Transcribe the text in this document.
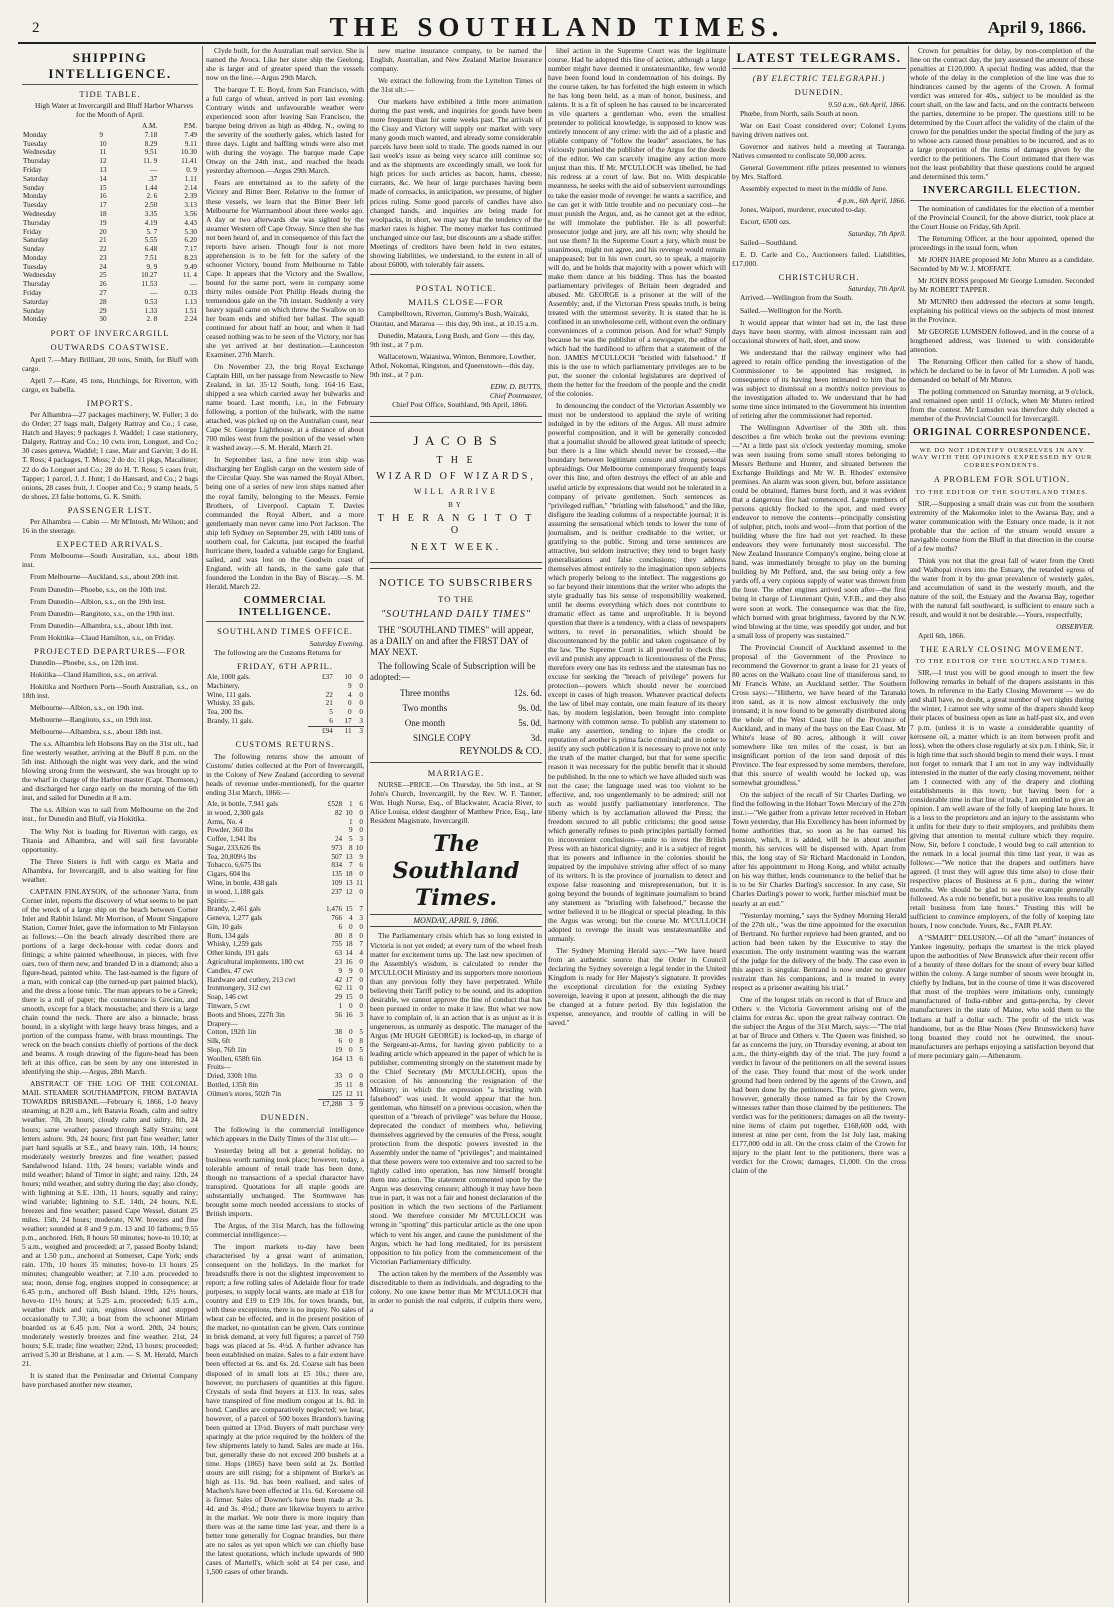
2	THE SOUTHLAND TIMES.	April 9, 1866.
SHIPPING INTELLIGENCE.
TIDE TABLE.

High Water at Invercargill and Bluff Harbor Wharves for the Month of April.

		A.M.	P.M.
Monday	9	7.18	7.49
Tuesday	10	8.29	9.11
Wednesday	11	9.51	10.30
Thursday	12	11. 9	11.41
Friday	13	—	0. 9
Saturday	14	.37	1.11
Sunday	15	1.44	2.14
Monday	16	2. 6	2.39
Tuesday	17	2.50	3.13
Wednesday	18	3.35	3.56
Thursday	19	4.19	4.43
Friday	20	5. 7	5.30
Saturday	21	5.55	6.20
Sunday	22	6.48	7.17
Monday	23	7.51	8.23
Tuesday	24	9. 9	9.49
Wednesday	25	10.27	11. 4
Thursday	26	11.53	—
Friday	27	—	0.33
Saturday	28	0.53	1.13
Sunday	29	1.33	1.51
Monday	30	2. 8	2.24
PORT OF INVERCARGILL
OUTWARDS COASTWISE.

April 7.—Mary Brilliant, 20 tons, Smith, for Bluff with cargo.

April 7.—Kate, 45 tons, Hutchings, for Riverton, with cargo, ex Isabella.

IMPORTS.

Per Alhambra—27 packages machinery, W. Fuller; 3 do do Order; 27 bags malt, Dalgety Rattray and Co.; 1 case, Hatch and Hayes; 9 packages J. Waddel; 1 case stationery, Dalgety, Rattray and Co.; 10 cwts iron, Longuet, and Co.; 30 cases geneva, Waddel; 1 case, Mair and Garvin; 3 do H. T. Ross; 4 packages, T. Moss; 2 do do; 11 pkgs, Macalister; 22 do do Longuet and Co.; 28 do H. T. Ross; 5 cases fruit, Tapper; 1 parcel, J. J. Hunt; 1 do Hansard, and Co.; 2 bags onions, 28 cases fruit, J. Cooper and Co.; 9 stamp heads, 5 do shoes, 23 false bottoms, G. K. Smith.

PASSENGER LIST.

Per Alhambra — Cabin — Mr M'Intosh, Mr Wilson; and 16 in the steerage.

EXPECTED ARRIVALS.

From Melbourne—South Australian, s.s., about 18th inst.

From Melbourne—Auckland, s.s., about 20th inst.

From Dunedin—Phoebe, s.s., on the 10th inst.

From Dunedin—Albion, s.s., on the 19th inst.

From Dunedin—Rangitoto, s.s., on the 19th inst.

From Dunedin—Alhambra, s.s., about 18th inst.

From Hokitika—Claud Hamilton, s.s., on Friday.

PROJECTED DEPARTURES—FOR

Dunedin—Phoebe, s.s., on 12th inst.

Hokitika—Claud Hamilton, s.s., on arrival.

Hokitika and Northern Ports—South Australian, s.s., on 18th inst.

Melbourne—Albion, s.s., on 19th inst.

Melbourne—Rangitoto, s.s., on 19th inst.

Melbourne—Alhambra, s.s., about 18th inst.

The s.s. Alhambra left Hobsons Bay on the 31st ult., had fine westerly weather, arriving at the Bluff 8 p.m. on the 5th inst. Although the night was very dark, and the wind blowing strong from the westward, she was brought up to the wharf in charge of the Harbor master (Capt. Thomson,) and discharged her cargo early on the morning of the 6th inst, and sailed for Dunedin at 8 a.m.

The s.s. Albion was to sail from Melbourne on the 2nd inst., for Dunedin and Bluff, via Hokitika.

The Why Not is loading for Riverton with cargo, ex Titania and Alhambra, and will sail first favorable opportunity.

The Three Sisters is full with cargo ex Maria and Alhambra, for Invercargill, and is also waiting for fine weather.

CAPTAIN FINLAYSON, of the schooner Yarra, from Corner inlet, reports the discovery of what seems to be part of the wreck of a large ship on the beach between Corner Inlet and Rabbit Island. Mr Morrison, of Mount Singapore Station, Corner Inlet, gave the information to Mr Finlayson as follows:—On the beach already described there are portions of a large deck-house with cedar doors and fittings; a white painted wheelhouse, in pieces, with five oars, two of them new, and branded D in a diamond; also a figure-head, painted white. The last-named is the figure of a man, with conical cap (the turned-up part painted black), and the dress a loose tunic. The man appears to be a Greek; there is a roll of paper; the countenance is Grecian, and smooth, except for a black moustache; and there is a large chain round the neck. There are also a binnacle, brass bound, in a skylight with large heavy brass hinges, and a portion of the compass frame, with brass mountings. The wreck on the beach consists chiefly of portions of the deck and beams. A rough drawing of the figure-head has been left at this office, can be seen by any one interested in identifying the ship.—Argus, 28th March.

ABSTRACT OF THE LOG OF THE COLONIAL MAIL STEAMER SOUTHAMPTON, FROM BATAVIA TOWARDS BRISBANE.—February 6, 1866, 1-0 heavy steaming; at 8.20 a.m., left Batavia Roads, calm and sultry weather. 7th, 2h hours; cloudy calm and sultry. 8th, 24 hours; same weather; passed through Sally Straits; sent letters ashore. 9th, 24 hours; first part fine weather; latter part hard squalls at S.E., and heavy rain. 10th, 14 hours; moderately westerly breezes and fine weather; passed Sandalwood Island. 11th, 24 hours; variable winds and mild weather; Island of Timor in sight; and rainy. 12th, 24 hours; mild weather, and sultry during the day; also cloudy, with lightning at S.E. 13th, 11 hours, squally and rainy; wind variable; lightning to S.E. 14th, 24 hours, N.E. breezes and fine weather; passed Cape Wessel, distant 25 miles. 15th, 24 hours; moderate, N.W. breezes and fine weather; sounded at 8 and 9 p.m. 13 and 10 fathoms; 9.55 p.m., anchored. 16th, 8 hours 50 minutes; hove-to 10.10; at 5 a.m., weighed and proceeded; at 7, passed Booby Island; and at 1.50 p.m., anchored at Somerset, Cape York; ends rain. 17th, 10 hours 35 minutes; hove-to 13 hours 25 minutes; changeable weather; at 7.10 a.m. proceeded to sea; noon, dense fog, engines stopped in consequence; at 6.45 p.m., anchored off Bush Island. 19th, 12½ hours, hove-to 11½ hours; at 5.25 a.m. proceeded; 6.15 a.m., weather thick and rain, engines slowed and stopped occasionally to 7.30; a boat from the schooner Miriam boarded us at 6.45 p.m. Not a word. 20th, 24 hours; moderately westerly breezes and fine weather. 21st, 24 hours; S.E. trade; fine weather; 22nd, 13 hours; proceeded; arrived 5.30 at Brisbane, at 1 a.m. — S. M. Herald, March 21.

It is stated that the Peninsular and Oriental Company have purchased another new steamer,

Clyde built, for the Australian mail service. She is named the Avoca. Like her sister ship the Geelong, she is larger and of greater speed than the vessels now on the line.—Argus 29th March.

The barque T. E. Boyd, from San Francisco, with a full cargo of wheat, arrived in port last evening. Contrary winds and unfavourable weather were experienced soon after leaving San Francisco, the barque being driven as high as 40deg. N., owing to the severity of the southerly gales, which lasted for three days. Light and baffling winds were also met with during the voyage. The barque made Cape Otway on the 24th inst., and reached the heads yesterday afternoon.—Argus 29th March.

Fears are entertained as to the safety of the Victory and Bitter Beer. Relative to the former of these vessels, we learn that the Bitter Beer left Melbourne for Warrnambool about three weeks ago. A day or two afterwards she was sighted by the steamer Western off Cape Otway. Since then she has not been heard of, and in consequence of this fact the reports have arisen. Though four is not more apprehension is to be felt for the safety of the schooner Victory, bound from Melbourne to Table Cape. It appears that the Victory and the Swallow, bound for the same port, were in company some thirty miles outside Port Phillip Heads during the tremendous gale on the 7th instant. Suddenly a very heavy squall came on which threw the Swallow on to her beam ends and shifted her ballast. The squall continued for about half an hour, and when it had ceased nothing was to be seen of the Victory, nor has she yet arrived at her destination.—Launceston Examiner, 27th March.

On November 23, the brig Royal Exchange Captain Hill, on her passage from Newcastle to New Zealand, in lat. 35·12 South, long. 164·16 East, shipped a sea which carried away her bulwarks and name board. Last month, i.e., in the February following, a portion of the bulwark, with the name attached, was picked up on the Australian coast, near Cape St. George Lighthouse, at a distance of about 700 miles west from the position of the vessel when it washed away.—S. M. Herald, March 21.

In September last, a fine new iron ship was discharging her English cargo on the western side of the Circular Quay. She was named the Royal Albert, being one of a series of new iron ships named after the royal family, belonging to the Messrs. Fernie Brothers, of Liverpool. Captain T. Davies commanded the Royal Albert, and a more gentlemanly man never came into Port Jackson. The ship left Sydney on September 29, with 1400 tons of southern coal, for Calcutta, just escaped the fearful hurricane there, loaded a valuable cargo for England, sailed, and was lost on the Goodwin coast of England, with all hands, in the same gale that foundered the London in the Bay of Biscay.—S. M. Herald, March 22.

COMMERCIAL INTELLIGENCE.
SOUTHLAND TIMES OFFICE.
Saturday Evening.

The following are the Customs Returns for

FRIDAY, 6TH APRIL.
Ale, 1000 gals.	£37	10	0
Machinery,		9	0
Wine, 111 gals.	22	4	0
Whisky, 33 gals.	21	0	0
Tea, 200 lbs.	5	0	0
Brandy, 11 gals.	6	17	3
	£94	11	3
CUSTOMS RETURNS.

The following returns show the amount of Customs' duties collected at the Port of Invercargill, in the Colony of New Zealand (according to several heads of revenue under-mentioned), for the quarter ending 31st March, 1866:—

Ale, in bottle, 7,941 gals	£528	1	6
in wood, 2,300 gals	82	10	0
Arms, No. 4		1	0
Powder, 360 lbs		9	0
Coffee, 1,941 lbs	24	5	3
Sugar, 233,626 lbs	973	8	10
Tea, 20,809½ lbs	507	13	9
Tobacco, 6,675 lbs	834	7	6
Cigars, 604 lbs	135	18	0
Wine, in bottle, 438 gals	109	13	11
in wood, 1,188 gals	237	12	0
Spirits:—			
Brandy, 2,461 gals	1,476	15	7
Geneva, 1,277 gals	766	4	3
Gin, 10 gals	6	0	0
Rum, 134 gals	80	8	0
Whisky, 1,259 gals	755	18	7
Other kinds, 191 gals	63	14	4
Agricultural implements, 180 cwt	23	16	0
Candles, 47 cwt	9	9	0
Hardware and cutlery, 213 cwt	42	17	0
Ironmongery, 312 cwt	62	11	0
Soap, 146 cwt	29	15	0
Tinware, 5 cwt	1	0	0
Boots and Shoes, 227ft 3in	56	16	3
Drapery—			
Cotton, 192ft 1in	38	0	5
Silk, 6ft	6	0	8
Slop, 76ft 1in	19	0	5
Woollen, 658ft 6in	164	13	6
Fruits—			
Dried, 330ft 10in	33	0	0
Bottled, 135ft 8in	35	11	8
Oilmen's stores, 502ft 7in	125	12	11
	£7,288	3	9
DUNEDIN.

The following is the commercial intelligence which appears in the Daily Times of the 31st ult:—

Yesterday being all but a general holiday, no business worth naming took place; however, today, a tolerable amount of retail trade has been done, though no transactions of a special character have transpired. Quotations for all staple goods are substantially unchanged. The Stormwave has brought some much needed accessions to stocks of British imports.

The Argus, of the 31st March, has the following commercial intelligence:—

The import markets to-day have been characterised by a great want of animation, consequent on the holidays. In the market for breadstuffs there is not the slightest improvement to report; a few rolling sales of Adelaide flour for trade purposes, to supply local wants, are made at £18 for country and £19 to £19 10s. for town brands, but, with these exceptions, there is no inquiry. No sales of wheat can be effected, and in the present position of the market, no quotation can be given. Oats continue in brisk demand, at very full figures; a parcel of 750 bags was placed at 5s. 4½d. A further advance has been established on maize. Sales to a fair extent have been effected at 6s. and 6s. 2d. Coarse salt has been disposed of in small lots at £5 10s.; there are, however, no purchasers of quantities at this figure. Crystals of soda find buyers at £13. In teas, sales have transpired of fine medium congou at 1s. 8d. in bond. Candles are comparatively neglected; we hear, however, of a parcel of 500 boxes Brandon's having been quitted at 13½d. Buyers of malt purchase very sparingly at the price required by the holders of the few shipments lately to hand. Sales are made at 16s. but, generally these do not exceed 200 bushels at a time. Hops (1865) have been sold at 2s. Bottled stouts are still rising; for a shipment of Burke's as high as 11s. 9d. has been realised, and sales of Machen's have been effected at 11s. 6d. Kerosene oil is firmer. Sales of Downer's have been made at 3s. 4d. and 3s. 4½d.; there are likewise buyers to arrive in the market. We note there is more inquiry than there was at the same time last year, and there is a better tone generally for Cognac brandies, but there are no sales as yet upon which we can chiefly base the latest quotations, which include upwards of 900 cases of Martell's, which sold at £4 per case, and 1,500 cases of other brands.

new marine insurance company, to be named the English, Australian, and New Zealand Marine Insurance company.

We extract the following from the Lyttelton Times of the 31st ult.:—

Our markets have exhibited a little more animation during the past week, and inquiries for goods have been more frequent than for some weeks past. The arrivals of the Cissy and Victory will supply our market with very many goods much wanted, and already some considerable parcels have been sold to trade. The goods named in our last week's issue as being very scarce still continue so; and as the shipments are exceedingly small, we look for high prices for such articles as bacon, hams, cheese, currants, &c. We hear of large purchases having been made of cornsacks, in anticipation, we presume, of higher prices ruling. Some good parcels of candles have also changed hands, and inquiries are being made for woolpacks, in short, we may say that the tendency of the market rates is higher. The money market has continued unchanged since our last, but discounts are a shade stiffer. Meetings of creditors have been held in two estates, showing liabilities, we understand, to the extent in all of about £6000, with tolerably fair assets.

POSTAL NOTICE.
MAILS CLOSE—FOR

Campbelltown, Riverton, Gummy's Bush, Wairaki, Otautau, and Mararoa — this day, 9th inst., at 10.15 a.m.

Dunedin, Mataura, Long Bush, and Gore — this day, 9th inst., at 7 p.m.

Wallacetown, Waianiwa, Winton, Benmore, Lowther, Athol, Nokomai, Kingston, and Queenstown—this day, 9th inst., at 7 p.m.

EDW. D. BUTTS,
Chief Postmaster,

Chief Post Office, Southland, 9th April, 1866.

J A C O B S
T H E
WIZARD OF WIZARDS,
WILL ARRIVE
BY
T H E R A N G I T O T O
NEXT WEEK.
NOTICE TO SUBSCRIBERS
TO THE
"SOUTHLAND DAILY TIMES"

THE "SOUTHLAND TIMES" will appear, as a DAILY on and after the FIRST DAY of MAY NEXT.

The following Scale of Subscription will be adopted:—

Three months	12s. 6d.
Two months	9s. 0d.
One month	5s. 0d.
SINGLE COPY	3d.
REYNOLDS & CO.
MARRIAGE.

NURSE—PRICE.—On Thursday, the 5th inst., at St John's Church, Invercargill, by the Rev. W. F. Tanner, Wm. Hugh Nurse, Esq., of Blackwater, Acacia River, to Alice Louisa, eldest daughter of Matthew Price, Esq., late Resident Magistrate, Invercargill.

The Southland Times.
MONDAY, APRIL 9, 1866.

The Parliamentary crisis which has so long existed in Victoria is not yet ended; at every turn of the wheel fresh matter for excitement turns up. The last new specimen of the Assembly's wisdom, is calculated to render the M'CULLOCH Ministry and its supporters more notorious than any previous folly they have perpetrated. While believing their Tariff policy to be sound, and its adoption desirable, we cannot approve the line of conduct that has been pursued in order to make it law. But what we now have to complain of, is an action that is as unjust as it is ungenerous, as unmanly as despotic. The manager of the Argus (Mr HUGH GEORGE) is locked-up, in charge of the Sergeant-at-Arms, for having given publicity to a leading article which appeared in the paper of which he is publisher, commenting strongly on the statement made by the Chief Secretary (Mr M'CULLOCH), upon the occasion of his announcing the resignation of the Ministry; in which the expression "a bristling with falsehood" was used. It would appear that the hon. gentleman, who himself on a previous occasion, when the question of a "breach of privilege" was before the House, deprecated the conduct of members who, believing themselves aggrieved by the censures of the Press, sought protection from the despotic powers invested in the Assembly under the name of "privileges"; and maintained that these powers were too extensive and too sacred to be lightly called into operation, has now himself brought them into action. The statement commented upon by the Argus was deserving censure; although it may have been true in part, it was not a fair and honest declaration of the position in which the two sections of the Parliament stood. We therefore consider Mr M'CULLOCH was wrong in "spotting" this particular article as the one upon which to vent his anger, and cause the punishment of the Argus, which he had long meditated, for its persistent opposition to his policy from the commencement of the Victorian Parliamentary difficulty.

The action taken by the members of the Assembly was discreditable to them as individuals, and degrading to the colony. No one knew better than Mr M'CULLOCH that in order to punish the real culprits, if culprits there were, a

libel action in the Supreme Court was the legitimate course. Had he adopted this line of action, although a large number might have deemed it unstatesmanlike, few would have been found loud in condemnation of his doings. By the course taken, he has forfeited the high esteem in which he has long been held, as a man of honor, business, and talents. It is a fit of spleen he has caused to be incarcerated in vile quarters a gentleman who, even the smallest pretender to political knowledge, is supposed to know was entirely innocent of any crime: with the aid of a plastic and pliable company of "follow the leader" associates, he has viciously punished the publisher of the Argus for the deeds of the editor. We can scarcely imagine any action more unjust than this. If Mr. M'CULLOCH was libelled, he had his redress at a court of law. But no. With despicable meanness, he seeks with the aid of subservient surroundings to take the easier mode of revenge: he wants a sacrifice, and he can get it with little trouble and no pecuniary cost—he must punish the Argus, and, as he cannot get at the editor, he will immolate the publisher. He is all powerful: prosecutor judge and jury, are all his own; why should he not use them? In the Supreme Court a jury, which must be unanimous, might not agree, and his revenge would remain unappeased; but in his own court, so to speak, a majority will do, and he holds that majority with a power which will make them dance at his bidding. Thus has the boasted parliamentary privileges of Britain been degraded and abused. Mr. GEORGE is a prisoner at the will of the Assembly; and, if the Victorian Press speaks truth, is being treated with the uttermost severity. It is stated that he is confined in an unwholesome cell, without even the ordinary conveniences of a common prison. And for what? Simply because he was the publisher of a newspaper, the editor of which had the hardihood to affirm that a statement of the hon. JAMES M'CULLOCH "bristled with falsehood." If this is the use to which parliamentary privileges are to be put, the sooner the colonial legislatures are deprived of them the better for the freedom of the people and the credit of the colonies.

In denouncing the conduct of the Victorian Assembly we must not be understood to applaud the style of writing indulged in by the editors of the Argus. All must admire powerful composition, and it will be generally conceded that a journalist should be allowed great latitude of speech; but there is a line which should never be crossed,—the boundary between legitimate censure and strong personal upbraidings. Our Melbourne contemporary frequently leaps over this line, and often destroys the effect of an able and useful article by expressions that would not be tolerated in a company of private gentlemen. Such sentences as "privileged ruffian," "bristling with falsehood," and the like, disfigure the leading columns of a respectable journal; it is assuming the sensational which tends to lower the tone of journalism, and is neither creditable to the writer, or gratifying to the public. Strong and terse sentences are attractive, but seldom instructive; they tend to beget hasty generalisations and false conclusions; they address themselves almost entirely to the imagination upon subjects which properly belong to the intellect. The suggestions go so far beyond their intentions that the writer who adopts the style gradually has his sense of responsibility weakened, until he deems everything which does not contribute to dramatic effect as tame and unprofitable. It is beyond question that there is a tendency, with a class of newspapers writers, to revel in personalities, which should be discountenanced by the public and taken cognisance of by the law. The Supreme Court is all powerful to check this evil and punish any approach to licentiousness of the Press; therefore every one has its redress and the statesman has no excuse for seeking the "breach of privilege" powers for protection—powers which should never be exercised except in cases of high treason. Whatever practical defects the law of libel may contain, one main feature of its theory has, by modern legislation, been brought into complete harmony with common sense. To publish any statement to make any assertion, tending to injure the credit or reputation of another is prima facie criminal; and in order to justify any such publication it is necessary to prove not only the truth of the matter charged, but that for some specific reason it was necessary for the public benefit that it should be published. In the one to which we have alluded such was not the case; the language used was too violent to be effective, and, too ungentlemanly to be admired; still not such as would justify parliamentary interference. The liberty which is by acclamation allowed the Press; the freedom secured to all public criticisms; the good sense which generally refuses to push principles partially formed to inconvenient conclusions—unite to invest the British Press with an historical dignity; and it is a subject of regret that its powers and influence in the colonies should be impaired by the impulsive striving after effect of so many of its writers. It is the province of journalists to detect and expose false reasoning and misrepresentation, but it is going beyond the bounds of legitimate journalism to brand any statement as "bristling with falsehood," because the writer believed it to be illogical or special pleading. In this the Argus was wrong; but the course Mr. M'CULLOCH adopted to revenge the insult was unstatesmanlike and unmanly.

The Sydney Morning Herald says:—"We have heard from an authentic source that the Order in Council declaring the Sydney sovereign a legal tender in the United Kingdom is ready for Her Majesty's signature. It provides the exceptional circulation for the existing Sydney sovereign, leaving it upon at present, although the die may be changed at a future period. By this legislation the expense, annoyance, and trouble of calling in will be saved."

LATEST TELEGRAMS.
(BY ELECTRIC TELEGRAPH.)
DUNEDIN.
9.50 a.m., 6th April, 1866.

Phœbe, from North, sails South at noon.

War on East Coast considered over; Colonel Lyons having driven natives out.

Governor and natives held a meeting at Tauranga. Natives consented to confiscate 50,000 acres.

General Government rifle prizes presented to winners by Mrs. Stafford.

Assembly expected to meet in the middle of June.

4 p.m., 6th April, 1866.

Jones, Waipori, murderer, executed to-day.

Escort, 6500 ozs.

Saturday, 7th April.

Sailed—Southland.

E. D. Carle and Co., Auctioneers failed. Liabilities, £17,000.

CHRISTCHURCH.
Saturday, 7th April.

Arrived.—Wellington from the South.

Sailed.—Wellington for the North.

It would appear that winter had set in, the last three days have been stormy, with almost incessant rain and occasional showers of hail, sleet, and snow.

We understand that the railway engineer who had agreed to retain office pending the investigation of the Commissioner to be appointed has resigned, in consequence of its having been intimated to him that he was subject to dismissal on a month's notice previous to the investigation alluded to. We understand that he had some time since intimated to the Government his intention of retiring after the commissioner had reported.

The Wellington Advertiser of the 30th ult. thus describes a fire which broke out the previous evening:—"At a little past six o'clock yesterday morning, smoke was seen issuing from some small stores belonging to Messrs Bethune and Hunter, and situated between the Exchange Buildings and Mr W. B. Rhodes' extensive premises. An alarm was soon given, but, before assistance could be obtained, flames burst forth, and it was evident that a dangerous fire had commenced. Large numbers of persons quickly flocked to the spot, and used every endeavor to remove the contents—principally consisting of sulphur, pitch, tools and wool—from that portion of the building where the fire had not yet reached. In these endeavors they were fortunately most successful. The New Zealand Insurance Company's engine, being close at hand, was immediately brought to play on the burning building by Mr Pefford, and, the sea being only a few yards off, a very copious supply of water was thrown from the hose. The other engines arrived soon after—the first being in charge of Lieutenant Quin, V.F.B., and they also were soon at work. The consequence was that the fire, which burned with great brightness, favored by the N.W. wind blowing at the time, was speedily got under, and but a small loss of property was sustained."

The Provincial Council of Auckland assented to the proposal of the Government of the Province to recommend the Governor to grant a lease for 21 years of 80 acres on the Waikato coast line of titaniferous sand, to Mr Francis White, an Auckland settler. The Southern Cross says:—"Hitherto, we have heard of the Taranaki iron sand, as it is now almost exclusively the only ironsand; it is now found to be generally distributed along the whole of the West Coast line of the Province of Auckland, and in many of the bays on the East Coast. Mr White's lease of 80 acres, although it will cover somewhere like ten miles of the coast, is but an insignificant portion of the iron sand deposit of this Province. The fear expressed by some members, therefore, that this source of wealth would be locked up, was somewhat groundless."

On the subject of the recall of Sir Charles Darling, we find the following in the Hobart Town Mercury of the 27th inst.:—"We gather from a private letter received in Hobart Town yesterday, that His Excellency has been informed by home authorities that, so soon as he has earned his pension, which, it is added, will be in about another month, his services will be dispensed with. Apart from this, the long stay of Sir Richard Macdonald in London, after his appointment to Hong Kong, and whilst actually on his way thither, lends countenance to the belief that he is to be Sir Charles Darling's successor. In any case, Sir Charles Darling's power to work, further mischief must be nearly at an end."

"Yesterday morning," says the Sydney Morning Herald of the 27th ult., "was the time appointed for the execution of Bertrand. No further reprieve had been granted, and no action had been taken by the Executive to stay the execution. The only instrument wanting was the warrant of the judge for the delivery of the body. The case even in this aspect is singular. Bertrand is now under no greater restraint than his companions, and is treated in every respect as a prisoner awaiting his trial."

One of the longest trials on record is that of Bruce and Others v. the Victoria Government arising out of the claims for extras &c. upon the great railway contract. On the subject the Argus of the 31st March, says:—"The trial at bar of Bruce and Others v. The Queen was finished, so far as concerns the jury, on Thursday evening, at about ten a.m., the thirty-eighth day of the trial. The jury found a verdict in favour of the petitioners on all the several issues of the case. They found that most of the work under ground had been ordered by the agents of the Crown, and had been done by the petitioners. The prices given were, however, generally those named as fair by the Crown witnesses rather than those claimed by the petitioners. The verdict was for the petitioners; damages on all the twenty-nine items of claim put together, £168,600 odd, with interest at nine per cent, from the 1st July last, making £177,000 odd in all. On the cross claim of the Crown for injury to the plant lent to the petitioners, there was a verdict for the Crown; damages, £1,000. On the cross claim of the

Crown for penalties for delay, by non-completion of the line on the contract day, the jury assessed the amount of those penalties at £120,000. A special finding was added, that the whole of the delay in the completion of the line was due to hindrances caused by the agents of the Crown. A formal verdict was entered for 40s., subject to be moulded as the court shall, on the law and facts, and on the contracts between the parties, determine to be proper. The questions still to be determined by the Court affect the validity of the claim of the crown for the penalties under the special finding of the jury as to whose acts caused those penalties to be incurred, and as to a large proportion of the items of damages given by the verdict to the petitioners. The Court intimated that there was not the least probability that these questions could be argued and determined this term."

INVERCARGILL ELECTION.

The nomination of candidates for the election of a member of the Provincial Council, for the above district, took place at the Court House on Friday, 6th April.

The Returning Officer, at the hour appointed, opened the proceedings in the usual form, when

Mr JOHN HARE proposed Mr John Munro as a candidate. Seconded by Mr W. J. MOFFATT.

Mr JOHN ROSS proposed Mr George Lumsden. Seconded by Mr ROBERT TAPPER.

Mr MUNRO then addressed the electors at some length, explaining his political views on the subjects of most interest in the Province.

Mr GEORGE LUMSDEN followed, and in the course of a lengthened address, was listened to with considerable attention.

The Returning Officer then called for a show of hands, which he declared to be in favor of Mr Lumsden. A poll was demanded on behalf of Mr Munro.

The polling commenced on Saturday morning, at 9 o'clock, and remained open until 11 o'clock, when Mr Munro retired from the contest. Mr Lumsden was therefore duly elected a member of the Provincial Council for Invercargill.

ORIGINAL CORRESPONDENCE.
WE DO NOT IDENTIFY OURSELVES IN ANY WAY WITH THE OPINIONS EXPRESSED BY OUR CORRESPONDENTS.
A PROBLEM FOR SOLUTION.
TO THE EDITOR OF THE SOUTHLAND TIMES.

SIR,—Supposing a small drain was cut from the southern extremity of the Makomoko inlet to the Awarua Bay, and a water communication with the Estuary once made, is it not probable that the action of the stream would ensure a navigable course from the Bluff in that direction in the course of a few moths?

Think you not that the great fall of water from the Oreti and Waihopai rivers into the Estuary, the retarded egress of the water from it by the great prevalence of westerly gales, and accumulation of sand in the westerly mouth, and the nature of the soil, the Estuary and the Awarua Bay, together with the natural fall southward, is sufficient to ensure such a result, and would it not be desirable.—Yours, respectfully,

OBSERVER.

April 6th, 1866.

THE EARLY CLOSING MOVEMENT.
TO THE EDITOR OF THE SOUTHLAND TIMES.

SIR,—I trust you will be good enough to insert the few following remarks in behalf of the drapers assistants in this town. In reference to the Early Closing Movement — we do and shall have, no doubt, a great number of wet nights during the winter, I cannot see why some of the drapers should keep their places of business open as late as half-past six, and even 7 p.m. (unless it is to waste a considerable quantity of kerosene oil, a matter which is an item between profit and loss), when the others close regularly at six p.m. I think, Sir, it is high time that such should begin to mend their ways. I must not forget to remark that I am not in any way individually interested in the matter of the early closing movement, neither am I connected with any of the drapery and clothing establishments in this town; but having been for a considerable time in that line of trade, I am entitled to give an opinion. I am well aware of the folly of keeping late hours. It is a loss to the proprietors and an injury to the assistants who it unfits for their duty to their employers, and prohibits them giving that attention to mental culture which they require. Now, Sir, before I conclude, I would beg to call attention to the remark in a local journal this time last year, it was as follows:—"We notice that the drapers and outfitters have agreed. (I trust they will agree this time also) to close their respective places of Business at 6 p.m., during the winter months. We should be glad to see the example generally followed. As a rule no benefit, but a positive loss results to all retail business from late hours." Trusting this will be sufficient to convince employers, of the folly of keeping late hours, I now conclude. Yours, &c., FAIR PLAY.

A "SMART" DELUSION.—Of all the "smart" instances of Yankee ingenuity, perhaps the smartest is the trick played upon the authorities of New Brunswick after their recent offer of a bounty of three dollars for the snout of every bear killed within the colony. A large number of snouts were brought in, chiefly by Indians, but in the course of time it was discovered that most of the trophies were imitations only, cunningly manufactured of India-rubber and gutta-percha, by clever manufacturers in the state of Maine, who sold them to the Indians at half a dollar each. The profit of the trick was handsome, but as the Blue Noses (New Brunswickers) have long boasted they could not be outwitted, the snout-manufacturers are perhaps enjoying a satisfaction beyond that of mere pecuniary gain.—Athenæum.
